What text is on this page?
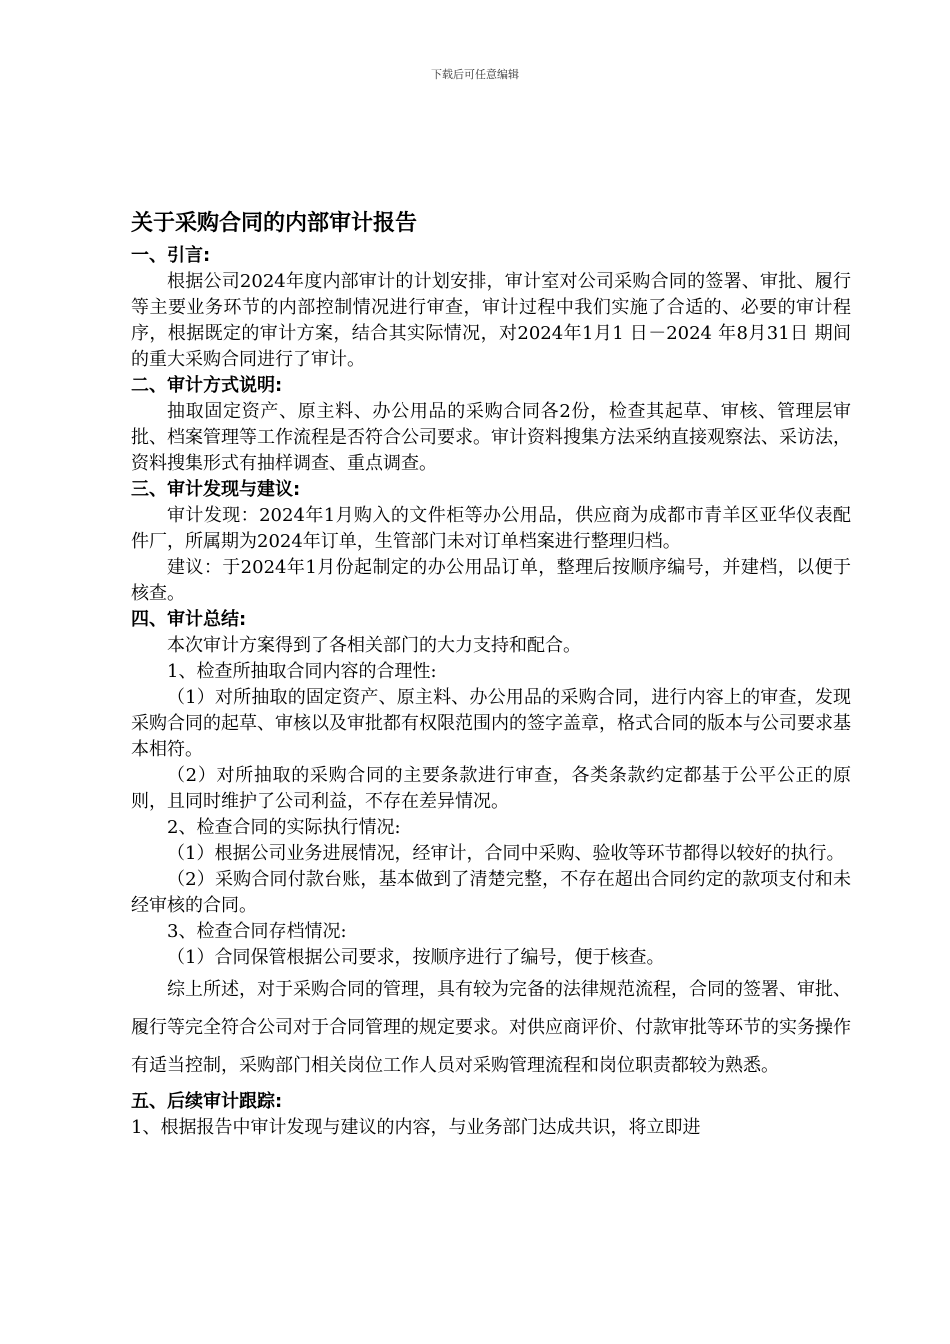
下载后可任意编辑
关于采购合同的内部审计报告
一、引言:

根据公司2024年度内部审计的计划安排，审计室对公司采购合同的签署、审批、履行等主要业务环节的内部控制情况进行审查，审计过程中我们实施了合适的、必要的审计程序，根据既定的审计方案，结合其实际情况，对2024年1月1 日－2024 年8月31日 期间的重大采购合同进行了审计。

二、审计方式说明:

抽取固定资产、原主料、办公用品的采购合同各2份，检查其起草、审核、管理层审批、档案管理等工作流程是否符合公司要求。审计资料搜集方法采纳直接观察法、采访法，资料搜集形式有抽样调查、重点调查。

三、审计发现与建议:

审计发现：2024年1月购入的文件柜等办公用品，供应商为成都市青羊区亚华仪表配件厂，所属期为2024年订单，生管部门未对订单档案进行整理归档。

建议：于2024年1月份起制定的办公用品订单，整理后按顺序编号，并建档，以便于核查。

四、审计总结:

本次审计方案得到了各相关部门的大力支持和配合。

1、检查所抽取合同内容的合理性:

（1）对所抽取的固定资产、原主料、办公用品的采购合同，进行内容上的审查，发现采购合同的起草、审核以及审批都有权限范围内的签字盖章，格式合同的版本与公司要求基本相符。

（2）对所抽取的采购合同的主要条款进行审查，各类条款约定都基于公平公正的原则，且同时维护了公司利益，不存在差异情况。

2、检查合同的实际执行情况:

（1）根据公司业务进展情况，经审计，合同中采购、验收等环节都得以较好的执行。

（2）采购合同付款台账，基本做到了清楚完整，不存在超出合同约定的款项支付和未经审核的合同。

3、检查合同存档情况:

（1）合同保管根据公司要求，按顺序进行了编号，便于核查。

综上所述，对于采购合同的管理，具有较为完备的法律规范流程，合同的签署、审批、履行等完全符合公司对于合同管理的规定要求。对供应商评价、付款审批等环节的实务操作有适当控制，采购部门相关岗位工作人员对采购管理流程和岗位职责都较为熟悉。

五、后续审计跟踪:

1、根据报告中审计发现与建议的内容，与业务部门达成共识，将立即进
